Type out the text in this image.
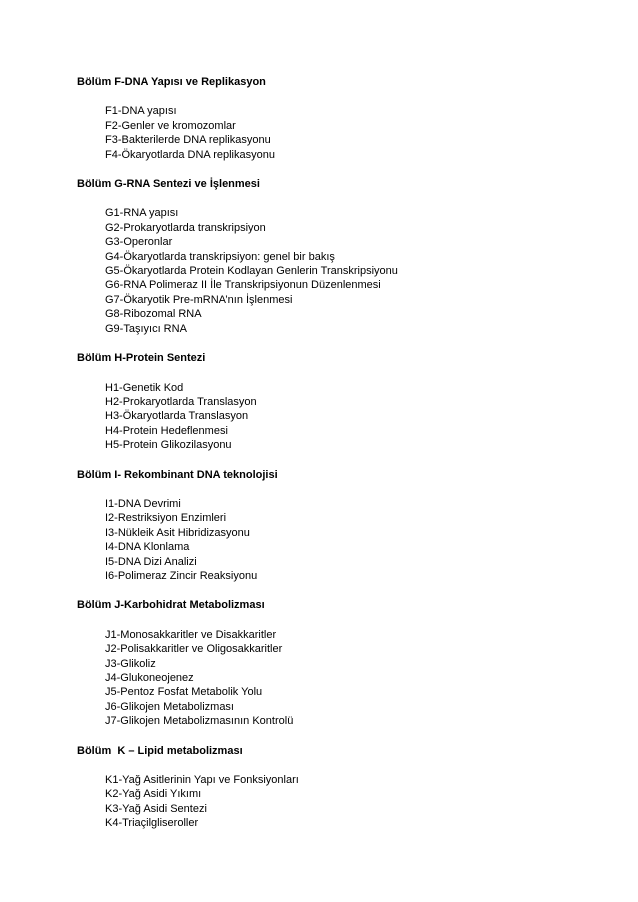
Bölüm F-DNA Yapısı ve Replikasyon

F1-DNA yapısı
F2-Genler ve kromozomlar
F3-Bakterilerde DNA replikasyonu
F4-Ökaryotlarda DNA replikasyonu

Bölüm G-RNA Sentezi ve İşlenmesi

G1-RNA yapısı
G2-Prokaryotlarda transkripsiyon
G3-Operonlar
G4-Ökaryotlarda transkripsiyon: genel bir bakış
G5-Ökaryotlarda Protein Kodlayan Genlerin Transkripsiyonu
G6-RNA Polimeraz II İle Transkripsiyonun Düzenlenmesi
G7-Ökaryotik Pre-mRNA’nın İşlenmesi
G8-Ribozomal RNA
G9-Taşıyıcı RNA

Bölüm H-Protein Sentezi

H1-Genetik Kod
H2-Prokaryotlarda Translasyon
H3-Ökaryotlarda Translasyon
H4-Protein Hedeflenmesi
H5-Protein Glikozilasyonu

Bölüm I- Rekombinant DNA teknolojisi

I1-DNA Devrimi
I2-Restriksiyon Enzimleri
I3-Nükleik Asit Hibridizasyonu
I4-DNA Klonlama
I5-DNA Dizi Analizi
I6-Polimeraz Zincir Reaksiyonu

Bölüm J-Karbohidrat Metabolizması

J1-Monosakkaritler ve Disakkaritler
J2-Polisakkaritler ve Oligosakkaritler
J3-Glikoliz
J4-Glukoneojenez
J5-Pentoz Fosfat Metabolik Yolu
J6-Glikojen Metabolizması
J7-Glikojen Metabolizmasının Kontrolü

Bölüm  K – Lipid metabolizması

K1-Yağ Asitlerinin Yapı ve Fonksiyonları
K2-Yağ Asidi Yıkımı
K3-Yağ Asidi Sentezi
K4-Triaçilgliseroller
